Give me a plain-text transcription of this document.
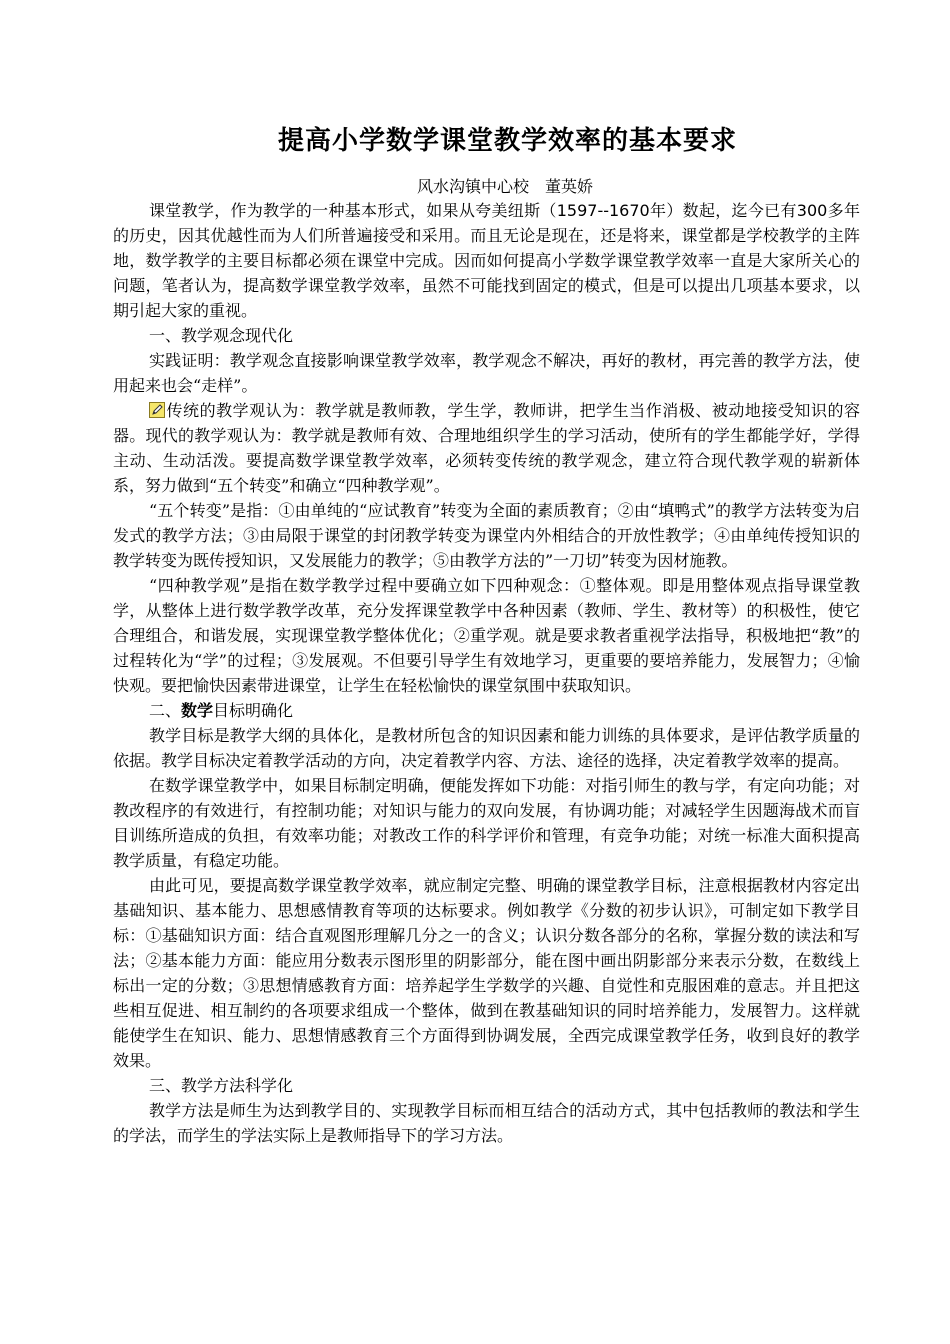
提高小学数学课堂教学效率的基本要求
风水沟镇中心校　董英娇

课堂教学，作为教学的一种基本形式，如果从夸美纽斯（1597--1670年）数起，迄今已有300多年的历史，因其优越性而为人们所普遍接受和采用。而且无论是现在，还是将来，课堂都是学校教学的主阵地，数学教学的主要目标都必须在课堂中完成。因而如何提高小学数学课堂教学效率一直是大家所关心的问题，笔者认为，提高数学课堂教学效率，虽然不可能找到固定的模式，但是可以提出几项基本要求，以期引起大家的重视。

一、教学观念现代化

实践证明：教学观念直接影响课堂教学效率，教学观念不解决，再好的教材，再完善的教学方法，使用起来也会“走样”。

传统的教学观认为：教学就是教师教，学生学，教师讲，把学生当作消极、被动地接受知识的容器。现代的教学观认为：教学就是教师有效、合理地组织学生的学习活动，使所有的学生都能学好，学得主动、生动活泼。要提高数学课堂教学效率，必须转变传统的教学观念，建立符合现代教学观的崭新体系，努力做到“五个转变”和确立“四种教学观”。

“五个转变”是指：①由单纯的“应试教育”转变为全面的素质教育；②由“填鸭式”的教学方法转变为启发式的教学方法；③由局限于课堂的封闭教学转变为课堂内外相结合的开放性教学；④由单纯传授知识的教学转变为既传授知识，又发展能力的教学；⑤由教学方法的”一刀切”转变为因材施教。

“四种教学观”是指在数学教学过程中要确立如下四种观念：①整体观。即是用整体观点指导课堂教学，从整体上进行数学教学改革，充分发挥课堂教学中各种因素（教师、学生、教材等）的积极性，使它合理组合，和谐发展，实现课堂教学整体优化；②重学观。就是要求教者重视学法指导，积极地把“教”的过程转化为“学”的过程；③发展观。不但要引导学生有效地学习，更重要的要培养能力，发展智力；④愉快观。要把愉快因素带进课堂，让学生在轻松愉快的课堂氛围中获取知识。

二、数学目标明确化

教学目标是教学大纲的具体化，是教材所包含的知识因素和能力训练的具体要求，是评估教学质量的依据。教学目标决定着教学活动的方向，决定着教学内容、方法、途径的选择，决定着教学效率的提高。

在数学课堂教学中，如果目标制定明确，便能发挥如下功能：对指引师生的教与学，有定向功能；对教改程序的有效进行，有控制功能；对知识与能力的双向发展，有协调功能；对减轻学生因题海战术而盲目训练所造成的负担，有效率功能；对教改工作的科学评价和管理，有竞争功能；对统一标准大面积提高教学质量，有稳定功能。

由此可见，要提高数学课堂教学效率，就应制定完整、明确的课堂教学目标，注意根据教材内容定出基础知识、基本能力、思想感情教育等项的达标要求。例如教学《分数的初步认识》，可制定如下教学目标：①基础知识方面：结合直观图形理解几分之一的含义；认识分数各部分的名称，掌握分数的读法和写法；②基本能力方面：能应用分数表示图形里的阴影部分，能在图中画出阴影部分来表示分数，在数线上标出一定的分数；③思想情感教育方面：培养起学生学数学的兴趣、自觉性和克服困难的意志。并且把这些相互促进、相互制约的各项要求组成一个整体，做到在教基础知识的同时培养能力，发展智力。这样就能使学生在知识、能力、思想情感教育三个方面得到协调发展，全西完成课堂教学任务，收到良好的教学效果。

三、教学方法科学化

教学方法是师生为达到教学目的、实现教学目标而相互结合的活动方式，其中包括教师的教法和学生的学法，而学生的学法实际上是教师指导下的学习方法。
